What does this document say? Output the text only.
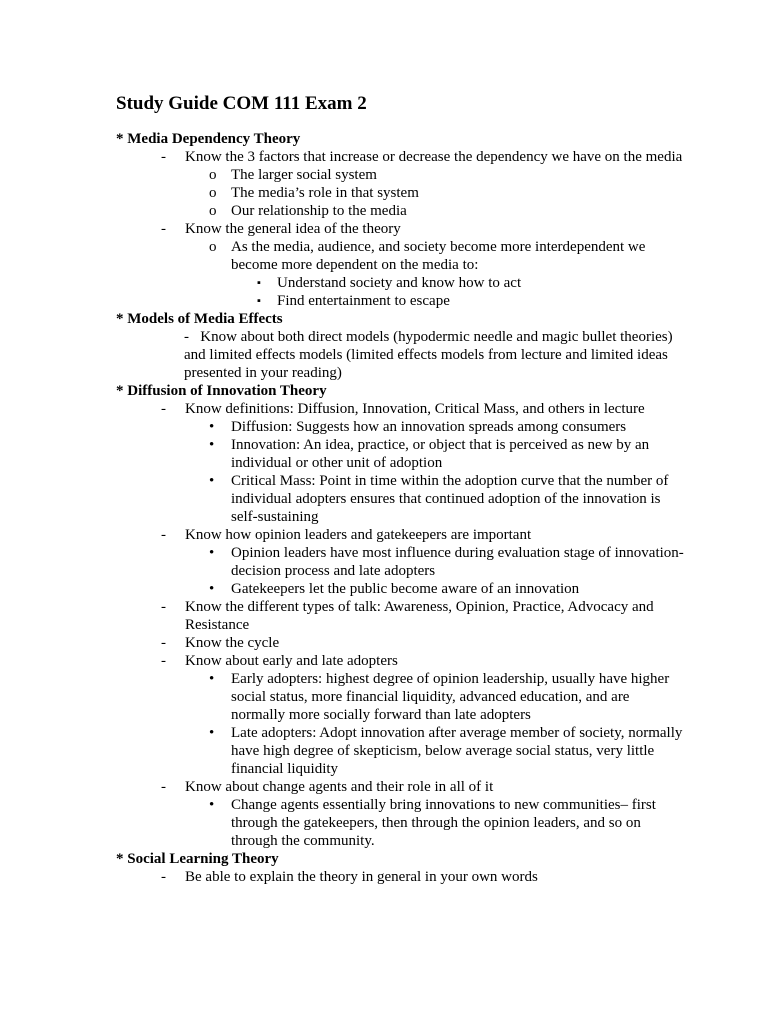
Study Guide COM 111 Exam 2
* Media Dependency Theory
- Know the 3 factors that increase or decrease the dependency we have on the media
o The larger social system
o The media’s role in that system
o Our relationship to the media
- Know the general idea of the theory
o As the media, audience, and society become more interdependent we become more dependent on the media to:
▪ Understand society and know how to act
▪ Find entertainment to escape
* Models of Media Effects
-   Know about both direct models (hypodermic needle and magic bullet theories)     and limited effects models (limited effects models from lecture and limited ideas presented in your reading)
* Diffusion of Innovation Theory
- Know definitions: Diffusion, Innovation, Critical Mass, and others in lecture
• Diffusion: Suggests how an innovation spreads among consumers
• Innovation: An idea, practice, or object that is perceived as new by an individual or other unit of adoption
• Critical Mass: Point in time within the adoption curve that the number of individual adopters ensures that continued adoption of the innovation is self-sustaining
- Know how opinion leaders and gatekeepers are important
• Opinion leaders have most influence during evaluation stage of innovation-decision process and late adopters
• Gatekeepers let the public become aware of an innovation
- Know the different types of talk: Awareness, Opinion, Practice, Advocacy and Resistance
- Know the cycle
- Know about early and late adopters
• Early adopters: highest degree of opinion leadership, usually have higher social status, more financial liquidity, advanced education, and are normally more socially forward than late adopters
• Late adopters: Adopt innovation after average member of society, normally have high degree of skepticism, below average social status, very little financial liquidity
- Know about change agents and their role in all of it
• Change agents essentially bring innovations to new communities– first through the gatekeepers, then through the opinion leaders, and so on through the community.
* Social Learning Theory
- Be able to explain the theory in general in your own words
